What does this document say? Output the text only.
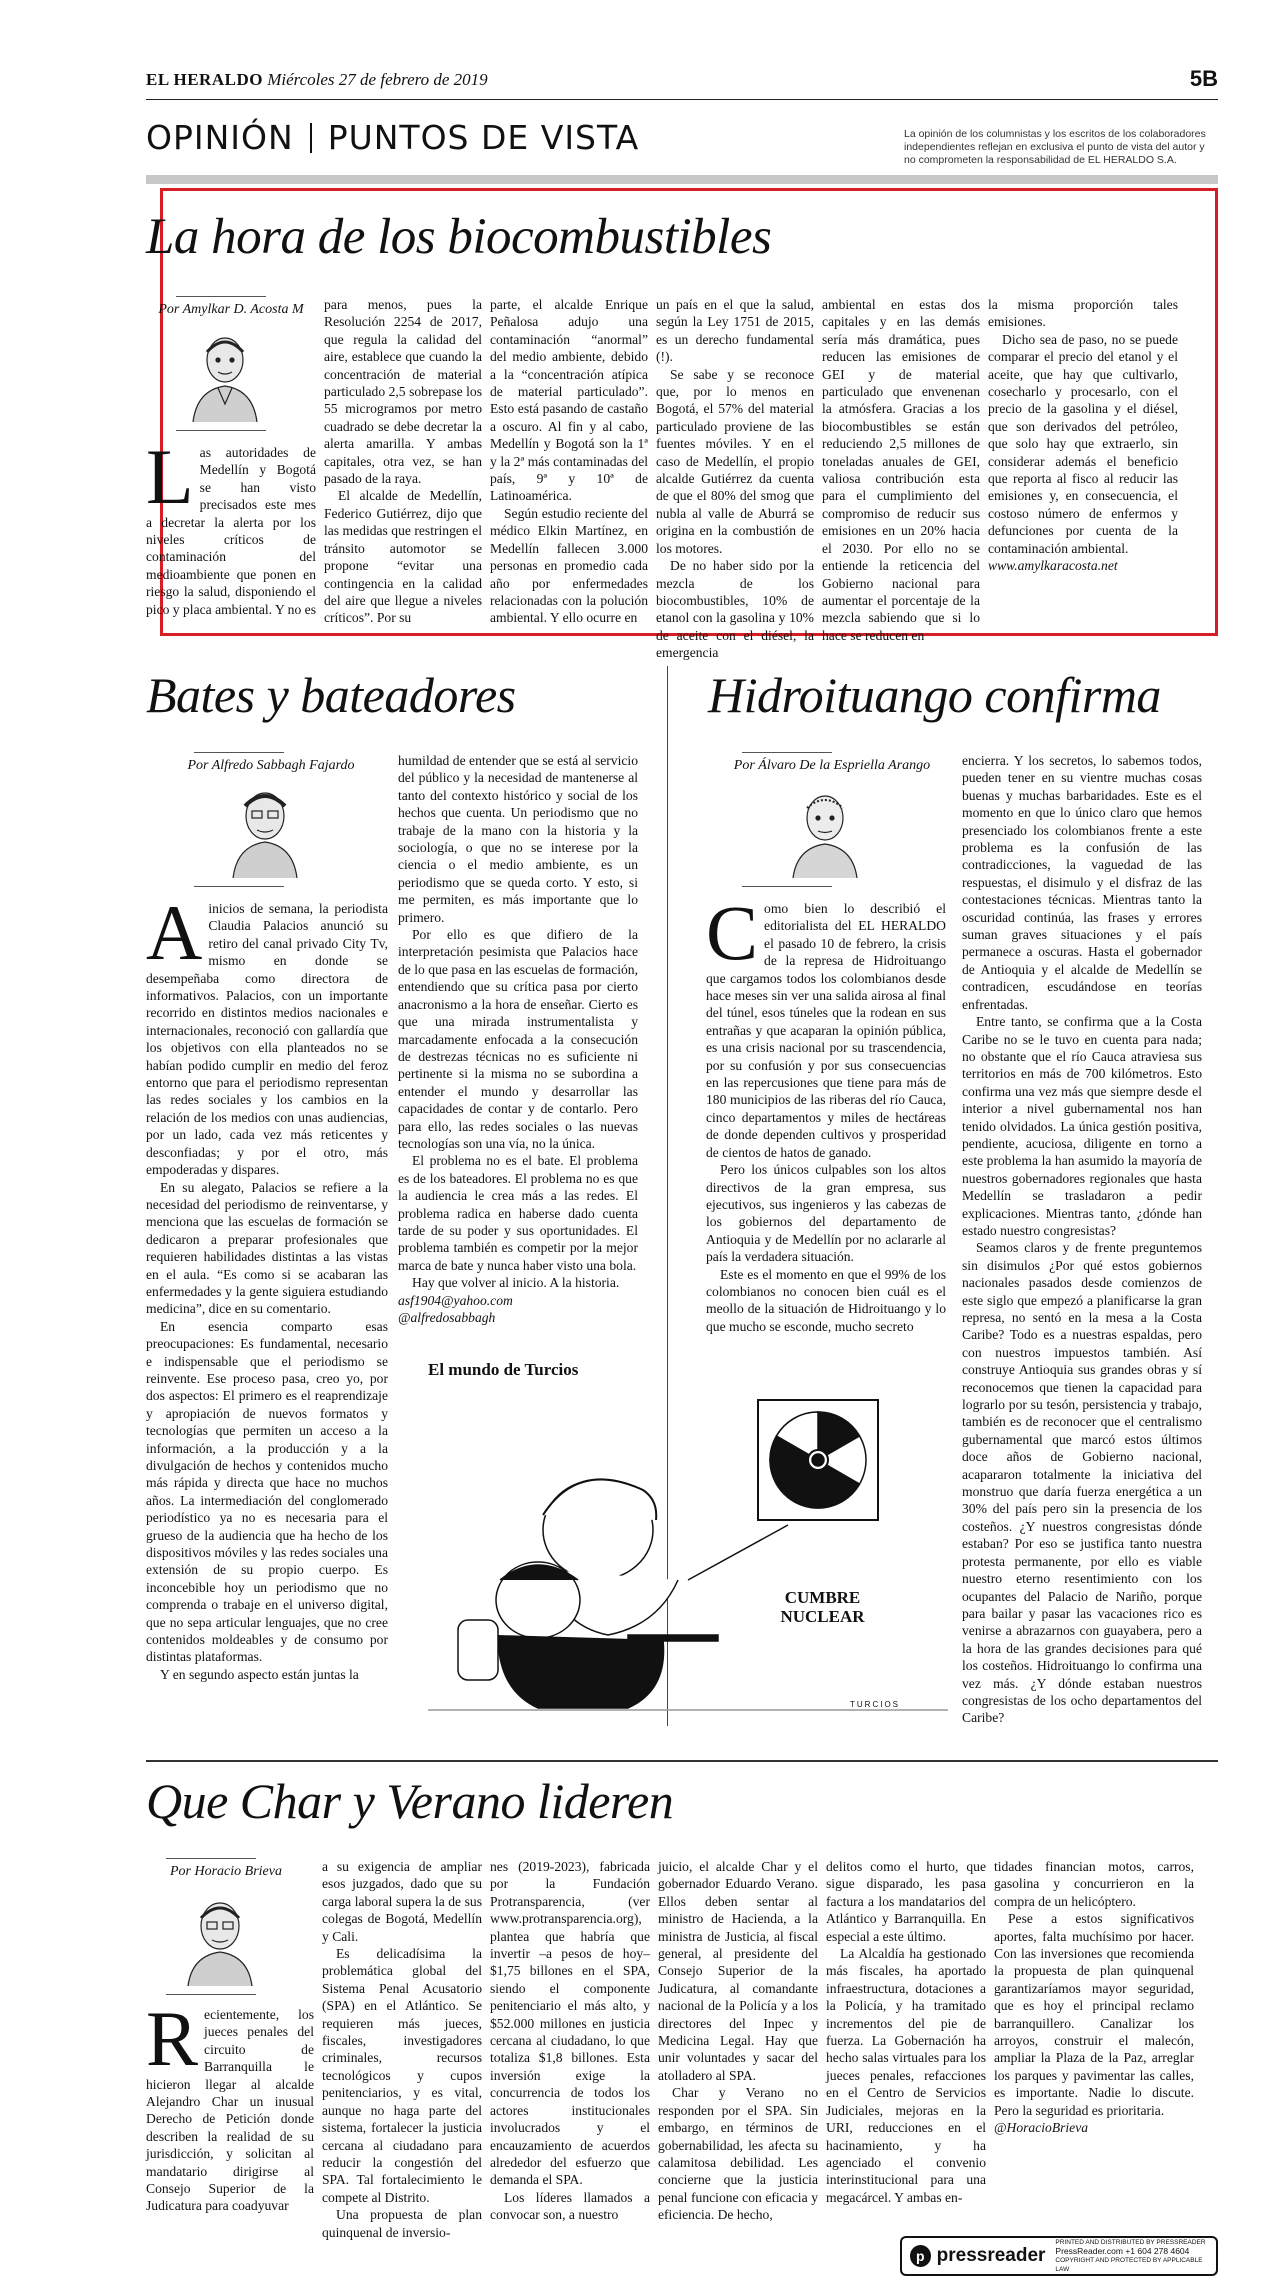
EL HERALDO Miércoles 27 de febrero de 2019	5B
OPINIÓN PUNTOS DE VISTA	La opinión de los columnistas y los escritos de los colaboradores independientes reflejan en exclusiva el punto de vista del autor y no comprometen la responsabilidad de EL HERALDO S.A.
La hora de los biocombustibles
Por Amylkar D. Acosta M
Las autoridades de Medellín y Bogotá se han visto precisados este mes a decretar la alerta por los niveles críticos de contaminación del medioambiente que ponen en riesgo la salud, disponiendo el pico y placa ambiental. Y no es

para menos, pues la Resolución 2254 de 2017, que regula la calidad del aire, establece que cuando la concentración de material particulado 2,5 sobrepase los 55 microgramos por metro cuadrado se debe decretar la alerta amarilla. Y ambas capitales, otra vez, se han pasado de la raya.

El alcalde de Medellín, Federico Gutiérrez, dijo que las medidas que restringen el tránsito automotor se propone “evitar una contingencia en la calidad del aire que llegue a niveles críticos”. Por su

parte, el alcalde Enrique Peñalosa adujo una contaminación “anormal” del medio ambiente, debido a la “concentración atípica de material particulado”. Esto está pasando de castaño a oscuro. Al fin y al cabo, Medellín y Bogotá son la 1ª y la 2ª más contaminadas del país, 9ª y 10ª de Latinoamérica.

Según estudio reciente del médico Elkin Martínez, en Medellín fallecen 3.000 personas en promedio cada año por enfermedades relacionadas con la polución ambiental. Y ello ocurre en

un país en el que la salud, según la Ley 1751 de 2015, es un derecho fundamental (!).

Se sabe y se reconoce que, por lo menos en Bogotá, el 57% del material particulado proviene de las fuentes móviles. Y en el caso de Medellín, el propio alcalde Gutiérrez da cuenta de que el 80% del smog que nubla al valle de Aburrá se origina en la combustión de los motores.

De no haber sido por la mezcla de los biocombustibles, 10% de etanol con la gasolina y 10% de aceite con el diésel, la emergencia

ambiental en estas dos capitales y en las demás sería más dramática, pues reducen las emisiones de GEI y de material particulado que envenenan la atmósfera. Gracias a los biocombustibles se están reduciendo 2,5 millones de toneladas anuales de GEI, valiosa contribución esta para el cumplimiento del compromiso de reducir sus emisiones en un 20% hacia el 2030. Por ello no se entiende la reticencia del Gobierno nacional para aumentar el porcentaje de la mezcla sabiendo que si lo hace se reducen en

la misma proporción tales emisiones.

Dicho sea de paso, no se puede comparar el precio del etanol y el aceite, que hay que cultivarlo, cosecharlo y procesarlo, con el precio de la gasolina y el diésel, que son derivados del petróleo, que solo hay que extraerlo, sin considerar además el beneficio que reporta al fisco al reducir las emisiones y, en consecuencia, el costoso número de enfermos y defunciones por cuenta de la contaminación ambiental.

www.amylkaracosta.net

Bates y bateadores
Por Alfredo Sabbagh Fajardo
Ainicios de semana, la periodista Claudia Palacios anunció su retiro del canal privado City Tv, mismo en donde se desempeñaba como directora de informativos. Palacios, con un importante recorrido en distintos medios nacionales e internacionales, reconoció con gallardía que los objetivos con ella planteados no se habían podido cumplir en medio del feroz entorno que para el periodismo representan las redes sociales y los cambios en la relación de los medios con unas audiencias, por un lado, cada vez más reticentes y desconfiadas; y por el otro, más empoderadas y dispares.

En su alegato, Palacios se refiere a la necesidad del periodismo de reinventarse, y menciona que las escuelas de formación se dedicaron a preparar profesionales que requieren habilidades distintas a las vistas en el aula. “Es como si se acabaran las enfermedades y la gente siguiera estudiando medicina”, dice en su comentario.

En esencia comparto esas preocupaciones: Es fundamental, necesario e indispensable que el periodismo se reinvente. Ese proceso pasa, creo yo, por dos aspectos: El primero es el reaprendizaje y apropiación de nuevos formatos y tecnologías que permiten un acceso a la información, a la producción y a la divulgación de hechos y contenidos mucho más rápida y directa que hace no muchos años. La intermediación del conglomerado periodístico ya no es necesaria para el grueso de la audiencia que ha hecho de los dispositivos móviles y las redes sociales una extensión de su propio cuerpo. Es inconcebible hoy un periodismo que no comprenda o trabaje en el universo digital, que no sepa articular lenguajes, que no cree contenidos moldeables y de consumo por distintas plataformas.

Y en segundo aspecto están juntas la

humildad de entender que se está al servicio del público y la necesidad de mantenerse al tanto del contexto histórico y social de los hechos que cuenta. Un periodismo que no trabaje de la mano con la historia y la sociología, o que no se interese por la ciencia o el medio ambiente, es un periodismo que se queda corto. Y esto, si me permiten, es más importante que lo primero.

Por ello es que difiero de la interpretación pesimista que Palacios hace de lo que pasa en las escuelas de formación, entendiendo que su crítica pasa por cierto anacronismo a la hora de enseñar. Cierto es que una mirada instrumentalista y marcadamente enfocada a la consecución de destrezas técnicas no es suficiente ni pertinente si la misma no se subordina a entender el mundo y desarrollar las capacidades de contar y de contarlo. Pero para ello, las redes sociales o las nuevas tecnologías son una vía, no la única.

El problema no es el bate. El problema es de los bateadores. El problema no es que la audiencia le crea más a las redes. El problema radica en haberse dado cuenta tarde de su poder y sus oportunidades. El problema también es competir por la mejor marca de bate y nunca haber visto una bola.

Hay que volver al inicio. A la historia.

asf1904@yahoo.com

@alfredosabbagh

Hidroituango confirma
Por Álvaro De la Espriella Arango
Como bien lo describió el editorialista del EL HERALDO el pasado 10 de febrero, la crisis de la represa de Hidroituango que cargamos todos los colombianos desde hace meses sin ver una salida airosa al final del túnel, esos túneles que la rodean en sus entrañas y que acaparan la opinión pública, es una crisis nacional por su trascendencia, por su confusión y por sus consecuencias en las repercusiones que tiene para más de 180 municipios de las riberas del río Cauca, cinco departamentos y miles de hectáreas de donde dependen cultivos y prosperidad de cientos de hatos de ganado.

Pero los únicos culpables son los altos directivos de la gran empresa, sus ejecutivos, sus ingenieros y las cabezas de los gobiernos del departamento de Antioquia y de Medellín por no aclararle al país la verdadera situación.

Este es el momento en que el 99% de los colombianos no conocen bien cuál es el meollo de la situación de Hidroituango y lo que mucho se esconde, mucho secreto

encierra. Y los secretos, lo sabemos todos, pueden tener en su vientre muchas cosas buenas y muchas barbaridades. Este es el momento en que lo único claro que hemos presenciado los colombianos frente a este problema es la confusión de las contradicciones, la vaguedad de las respuestas, el disimulo y el disfraz de las contestaciones técnicas. Mientras tanto la oscuridad continúa, las frases y errores suman graves situaciones y el país permanece a oscuras. Hasta el gobernador de Antioquia y el alcalde de Medellín se contradicen, escudándose en teorías enfrentadas.

Entre tanto, se confirma que a la Costa Caribe no se le tuvo en cuenta para nada; no obstante que el río Cauca atraviesa sus territorios en más de 700 kilómetros. Esto confirma una vez más que siempre desde el interior a nivel gubernamental nos han tenido olvidados. La única gestión positiva, pendiente, acuciosa, diligente en torno a este problema la han asumido la mayoría de nuestros gobernadores regionales que hasta Medellín se trasladaron a pedir explicaciones. Mientras tanto, ¿dónde han estado nuestro congresistas?

Seamos claros y de frente preguntemos sin disimulos ¿Por qué estos gobiernos nacionales pasados desde comienzos de este siglo que empezó a planificarse la gran represa, no sentó en la mesa a la Costa Caribe? Todo es a nuestras espaldas, pero con nuestros impuestos también. Así construye Antioquia sus grandes obras y sí reconocemos que tienen la capacidad para lograrlo por su tesón, persistencia y trabajo, también es de reconocer que el centralismo gubernamental que marcó estos últimos doce años de Gobierno nacional, acapararon totalmente la iniciativa del monstruo que daría fuerza energética a un 30% del país pero sin la presencia de los costeños. ¿Y nuestros congresistas dónde estaban? Por eso se justifica tanto nuestra protesta permanente, por ello es viable nuestro eterno resentimiento con los ocupantes del Palacio de Nariño, porque para bailar y pasar las vacaciones rico es venirse a abrazarnos con guayabera, pero a la hora de las grandes decisiones para qué los costeños. Hidroituango lo confirma una vez más. ¿Y dónde estaban nuestros congresistas de los ocho departamentos del Caribe?

El mundo de Turcios
CUMBRE NUCLEAR
TURCIOS
Que Char y Verano lideren
Por Horacio Brieva
Recientemente, los jueces penales del circuito de Barranquilla le hicieron llegar al alcalde Alejandro Char un inusual Derecho de Petición donde describen la realidad de su jurisdicción, y solicitan al mandatario dirigirse al Consejo Superior de la Judicatura para coadyuvar

a su exigencia de ampliar esos juzgados, dado que su carga laboral supera la de sus colegas de Bogotá, Medellín y Cali.

Es delicadísima la problemática global del Sistema Penal Acusatorio (SPA) en el Atlántico. Se requieren más jueces, fiscales, investigadores criminales, recursos tecnológicos y cupos penitenciarios, y es vital, aunque no haga parte del sistema, fortalecer la justicia cercana al ciudadano para reducir la congestión del SPA. Tal fortalecimiento le compete al Distrito.

Una propuesta de plan quinquenal de inversio-

nes (2019-2023), fabricada por la Fundación Protransparencia, (ver www.protransparencia.org), plantea que habría que invertir –a pesos de hoy– $1,75 billones en el SPA, siendo el componente penitenciario el más alto, y $52.000 millones en justicia cercana al ciudadano, lo que totaliza $1,8 billones. Esta inversión exige la concurrencia de todos los actores institucionales involucrados y el encauzamiento de acuerdos alrededor del esfuerzo que demanda el SPA.

Los líderes llamados a convocar son, a nuestro

juicio, el alcalde Char y el gobernador Eduardo Verano. Ellos deben sentar al ministro de Hacienda, a la ministra de Justicia, al fiscal general, al presidente del Consejo Superior de la Judicatura, al comandante nacional de la Policía y a los directores del Inpec y Medicina Legal. Hay que unir voluntades y sacar del atolladero al SPA.

Char y Verano no responden por el SPA. Sin embargo, en términos de gobernabilidad, les afecta su calamitosa debilidad. Les concierne que la justicia penal funcione con eficacia y eficiencia. De hecho,

delitos como el hurto, que sigue disparado, les pasa factura a los mandatarios del Atlántico y Barranquilla. En especial a este último.

La Alcaldía ha gestionado más fiscales, ha aportado infraestructura, dotaciones a la Policía, y ha tramitado incrementos del pie de fuerza. La Gobernación ha hecho salas virtuales para los jueces penales, refacciones en el Centro de Servicios Judiciales, mejoras en la URI, reducciones en el hacinamiento, y ha agenciado el convenio interinstitucional para una megacárcel. Y ambas en-

tidades financian motos, carros, gasolina y concurrieron en la compra de un helicóptero.

Pese a estos significativos aportes, falta muchísimo por hacer. Con las inversiones que recomienda la propuesta de plan quinquenal garantizaríamos mayor seguridad, que es hoy el principal reclamo barranquillero. Canalizar los arroyos, construir el malecón, ampliar la Plaza de la Paz, arreglar los parques y pavimentar las calles, es importante. Nadie lo discute. Pero la seguridad es prioritaria.

@HoracioBrieva

p pressreader
PRINTED AND DISTRIBUTED BY PRESSREADER
PressReader.com +1 604 278 4604
COPYRIGHT AND PROTECTED BY APPLICABLE LAW
